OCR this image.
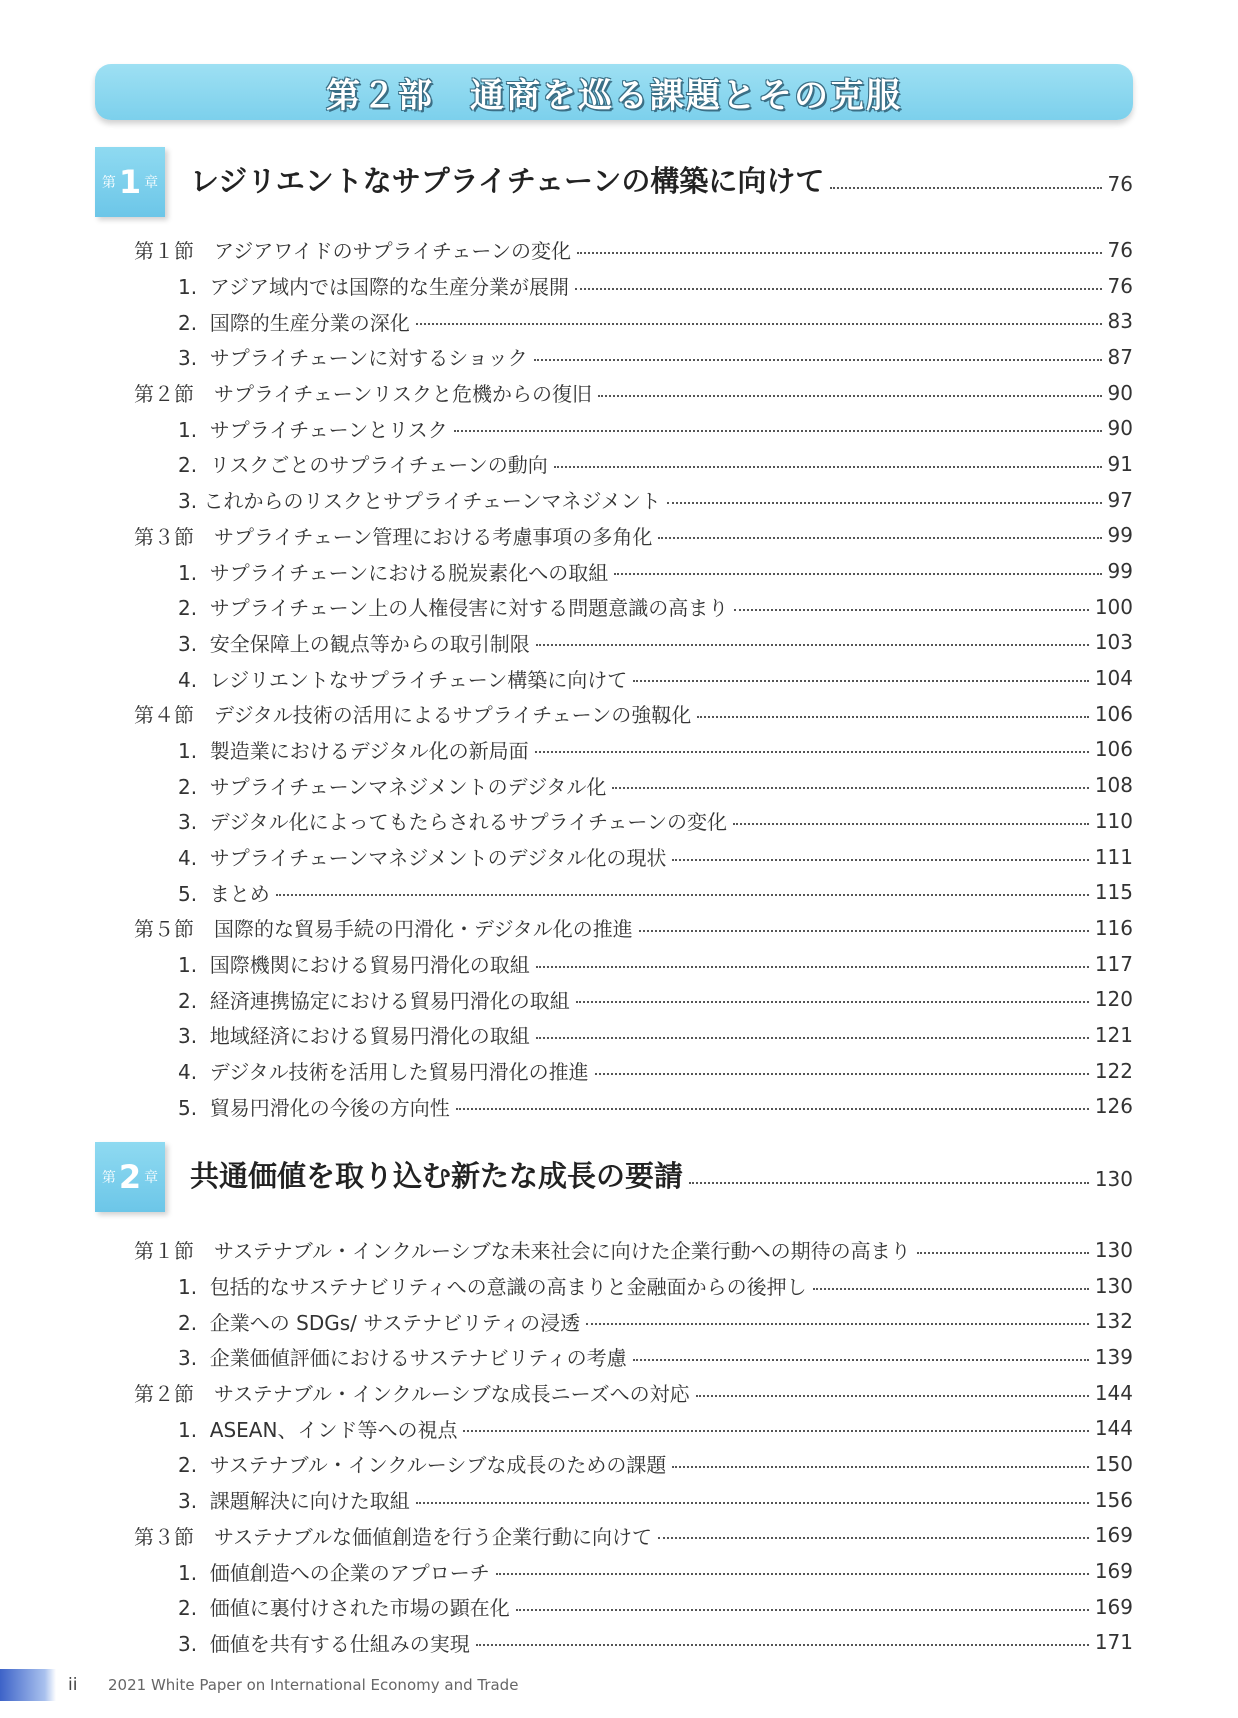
第２部　通商を巡る課題とその克服
第 1 章 レジリエントなサプライチェーンの構築に向けて	76
第１節　アジアワイドのサプライチェーンの変化	76
1.  アジア域内では国際的な生産分業が展開	76
2.  国際的生産分業の深化	83
3.  サプライチェーンに対するショック	87
第２節　サプライチェーンリスクと危機からの復旧	90
1.  サプライチェーンとリスク	90
2.  リスクごとのサプライチェーンの動向	91
3. これからのリスクとサプライチェーンマネジメント	97
第３節　サプライチェーン管理における考慮事項の多角化	99
1.  サプライチェーンにおける脱炭素化への取組	99
2.  サプライチェーン上の人権侵害に対する問題意識の高まり	100
3.  安全保障上の観点等からの取引制限	103
4.  レジリエントなサプライチェーン構築に向けて	104
第４節　デジタル技術の活用によるサプライチェーンの強靱化	106
1.  製造業におけるデジタル化の新局面	106
2.  サプライチェーンマネジメントのデジタル化	108
3.  デジタル化によってもたらされるサプライチェーンの変化	110
4.  サプライチェーンマネジメントのデジタル化の現状	111
5.  まとめ	115
第５節　国際的な貿易手続の円滑化・デジタル化の推進	116
1.  国際機関における貿易円滑化の取組	117
2.  経済連携協定における貿易円滑化の取組	120
3.  地域経済における貿易円滑化の取組	121
4.  デジタル技術を活用した貿易円滑化の推進	122
5.  貿易円滑化の今後の方向性	126
第 2 章 共通価値を取り込む新たな成長の要請	130
第１節　サステナブル・インクルーシブな未来社会に向けた企業行動への期待の高まり	130
1.  包括的なサステナビリティへの意識の高まりと金融面からの後押し	130
2.  企業への SDGs/ サステナビリティの浸透	132
3.  企業価値評価におけるサステナビリティの考慮	139
第２節　サステナブル・インクルーシブな成長ニーズへの対応	144
1.  ASEAN、インド等への視点	144
2.  サステナブル・インクルーシブな成長のための課題	150
3.  課題解決に向けた取組	156
第３節　サステナブルな価値創造を行う企業行動に向けて	169
1.  価値創造への企業のアプローチ	169
2.  価値に裏付けされた市場の顕在化	169
3.  価値を共有する仕組みの実現	171
ii 2021 White Paper on International Economy and Trade
